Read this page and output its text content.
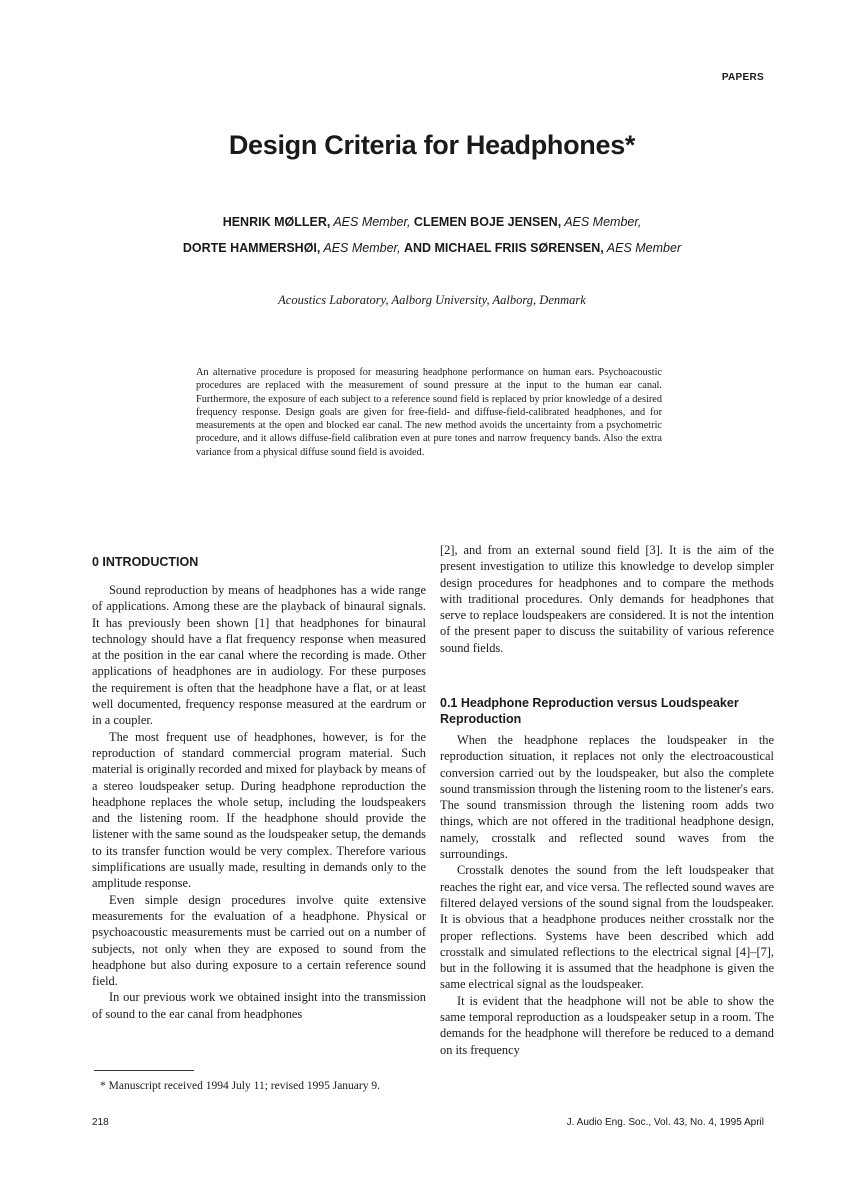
PAPERS
Design Criteria for Headphones*
HENRIK MØLLER, AES Member, CLEMEN BOJE JENSEN, AES Member,
DORTE HAMMERSHØI, AES Member, AND MICHAEL FRIIS SØRENSEN, AES Member
Acoustics Laboratory, Aalborg University, Aalborg, Denmark
An alternative procedure is proposed for measuring headphone performance on human ears. Psychoacoustic procedures are replaced with the measurement of sound pressure at the input to the human ear canal. Furthermore, the exposure of each subject to a reference sound field is replaced by prior knowledge of a desired frequency response. Design goals are given for free-field- and diffuse-field-calibrated headphones, and for measurements at the open and blocked ear canal. The new method avoids the uncertainty from a psychometric procedure, and it allows diffuse-field calibration even at pure tones and narrow frequency bands. Also the extra variance from a physical diffuse sound field is avoided.
0 INTRODUCTION

Sound reproduction by means of headphones has a wide range of applications. Among these are the playback of binaural signals. It has previously been shown [1] that headphones for binaural technology should have a flat frequency response when measured at the position in the ear canal where the recording is made. Other applications of headphones are in audiology. For these purposes the requirement is often that the headphone have a flat, or at least well documented, frequency response measured at the eardrum or in a coupler.

The most frequent use of headphones, however, is for the reproduction of standard commercial program material. Such material is originally recorded and mixed for playback by means of a stereo loudspeaker setup. During headphone reproduction the headphone replaces the whole setup, including the loudspeakers and the listening room. If the headphone should provide the listener with the same sound as the loudspeaker setup, the demands to its transfer function would be very complex. Therefore various simplifications are usually made, resulting in demands only to the amplitude response.

Even simple design procedures involve quite extensive measurements for the evaluation of a headphone. Physical or psychoacoustic measurements must be carried out on a number of subjects, not only when they are exposed to sound from the headphone but also during exposure to a certain reference sound field.

In our previous work we obtained insight into the transmission of sound to the ear canal from headphones

[2], and from an external sound field [3]. It is the aim of the present investigation to utilize this knowledge to develop simpler design procedures for headphones and to compare the methods with traditional procedures. Only demands for headphones that serve to replace loudspeakers are considered. It is not the intention of the present paper to discuss the suitability of various reference sound fields.

0.1 Headphone Reproduction versus Loudspeaker Reproduction

When the headphone replaces the loudspeaker in the reproduction situation, it replaces not only the electroacoustical conversion carried out by the loudspeaker, but also the complete sound transmission through the listening room to the listener's ears. The sound transmission through the listening room adds two things, which are not offered in the traditional headphone design, namely, crosstalk and reflected sound waves from the surroundings.

Crosstalk denotes the sound from the left loudspeaker that reaches the right ear, and vice versa. The reflected sound waves are filtered delayed versions of the sound signal from the loudspeaker. It is obvious that a headphone produces neither crosstalk nor the proper reflections. Systems have been described which add crosstalk and simulated reflections to the electrical signal [4]–[7], but in the following it is assumed that the headphone is given the same electrical signal as the loudspeaker.

It is evident that the headphone will not be able to show the same temporal reproduction as a loudspeaker setup in a room. The demands for the headphone will therefore be reduced to a demand on its frequency

* Manuscript received 1994 July 11; revised 1995 January 9.
218	J. Audio Eng. Soc., Vol. 43, No. 4, 1995 April
